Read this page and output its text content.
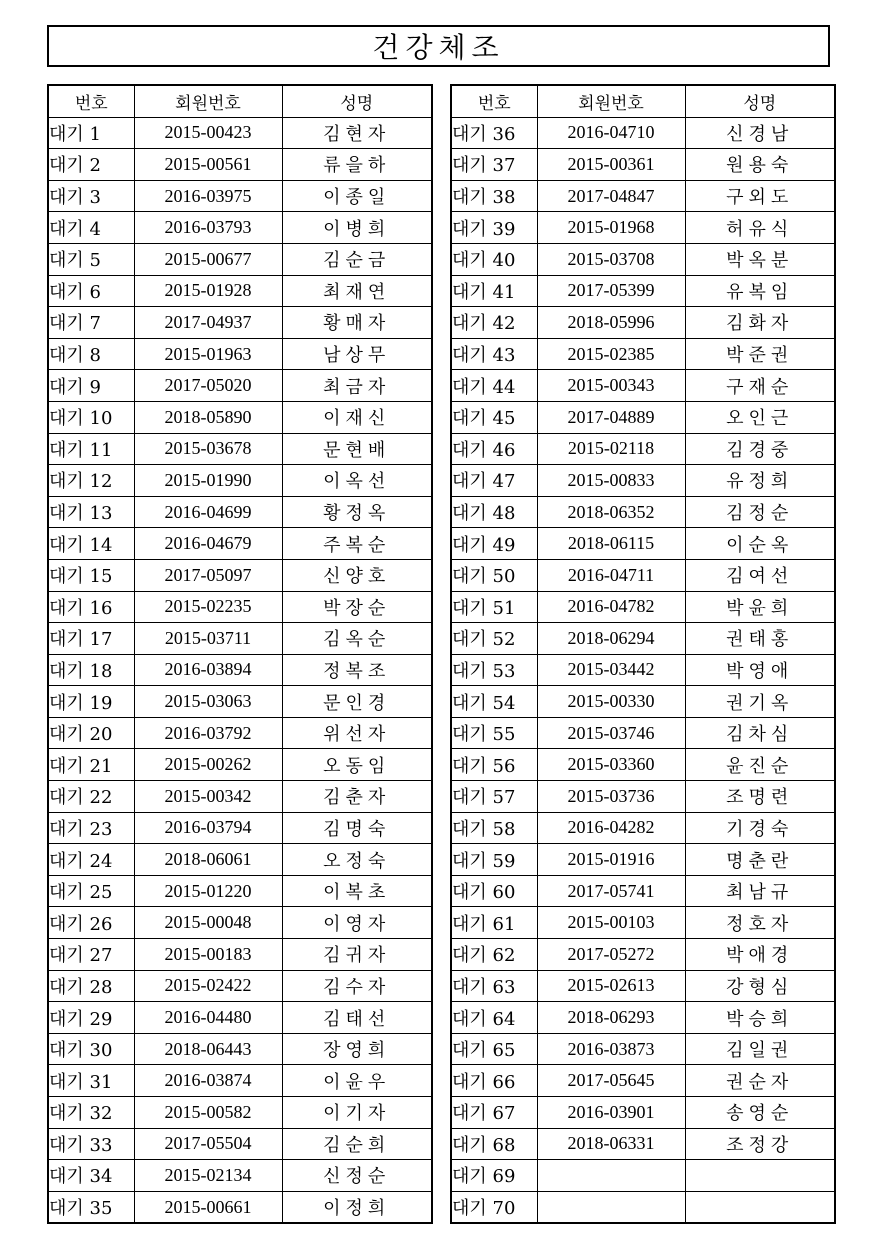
건강체조
번호	회원번호	성명
대기 1	2015-00423	김현자
대기 2	2015-00561	류을하
대기 3	2016-03975	이종일
대기 4	2016-03793	이병희
대기 5	2015-00677	김순금
대기 6	2015-01928	최재연
대기 7	2017-04937	황매자
대기 8	2015-01963	남상무
대기 9	2017-05020	최금자
대기 10	2018-05890	이재신
대기 11	2015-03678	문현배
대기 12	2015-01990	이옥선
대기 13	2016-04699	황정옥
대기 14	2016-04679	주복순
대기 15	2017-05097	신양호
대기 16	2015-02235	박장순
대기 17	2015-03711	김옥순
대기 18	2016-03894	정복조
대기 19	2015-03063	문인경
대기 20	2016-03792	위선자
대기 21	2015-00262	오동임
대기 22	2015-00342	김춘자
대기 23	2016-03794	김명숙
대기 24	2018-06061	오정숙
대기 25	2015-01220	이복초
대기 26	2015-00048	이영자
대기 27	2015-00183	김귀자
대기 28	2015-02422	김수자
대기 29	2016-04480	김태선
대기 30	2018-06443	장영희
대기 31	2016-03874	이윤우
대기 32	2015-00582	이기자
대기 33	2017-05504	김순희
대기 34	2015-02134	신정순
대기 35	2015-00661	이정희
번호	회원번호	성명
대기 36	2016-04710	신경남
대기 37	2015-00361	원용숙
대기 38	2017-04847	구외도
대기 39	2015-01968	허유식
대기 40	2015-03708	박옥분
대기 41	2017-05399	유복임
대기 42	2018-05996	김화자
대기 43	2015-02385	박준권
대기 44	2015-00343	구재순
대기 45	2017-04889	오인근
대기 46	2015-02118	김경중
대기 47	2015-00833	유정희
대기 48	2018-06352	김정순
대기 49	2018-06115	이순옥
대기 50	2016-04711	김여선
대기 51	2016-04782	박윤희
대기 52	2018-06294	권태홍
대기 53	2015-03442	박영애
대기 54	2015-00330	권기옥
대기 55	2015-03746	김차심
대기 56	2015-03360	윤진순
대기 57	2015-03736	조명련
대기 58	2016-04282	기경숙
대기 59	2015-01916	명춘란
대기 60	2017-05741	최남규
대기 61	2015-00103	정호자
대기 62	2017-05272	박애경
대기 63	2015-02613	강형심
대기 64	2018-06293	박승희
대기 65	2016-03873	김일권
대기 66	2017-05645	권순자
대기 67	2016-03901	송영순
대기 68	2018-06331	조정강
대기 69		
대기 70		
